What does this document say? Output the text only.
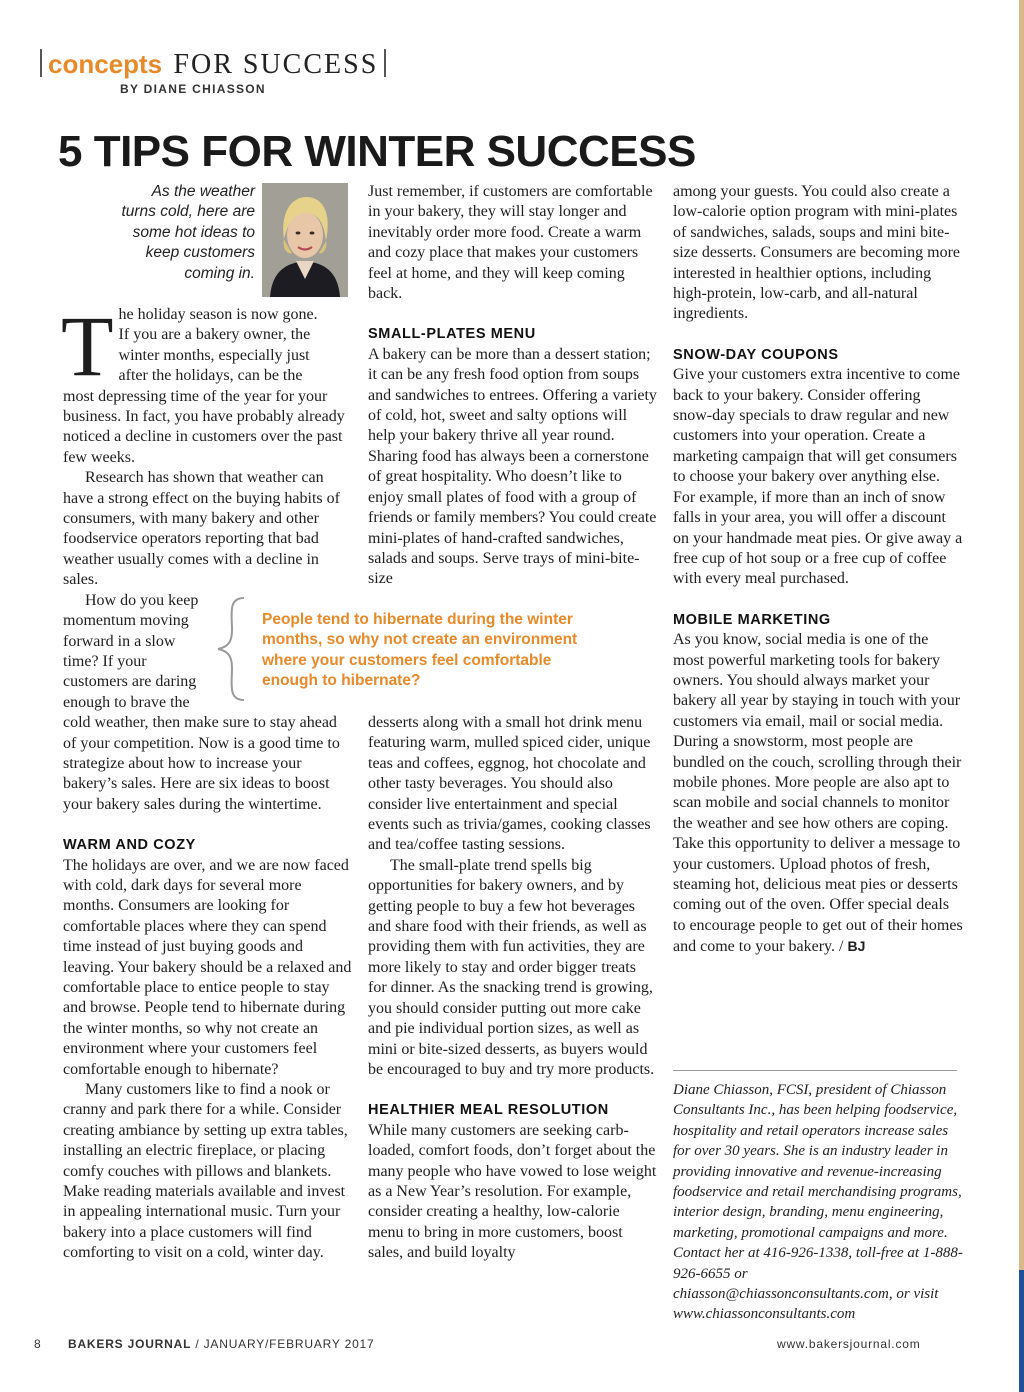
concepts FOR SUCCESS
BY DIANE CHIASSON
5 TIPS FOR WINTER SUCCESS
As the weather
turns cold, here are
some hot ideas to
keep customers
coming in.

T he holiday season is now gone.
If you are a bakery owner, the
winter months, especially just
after the holidays, can be the
most depressing time of the year for your business. In fact, you have probably already noticed a decline in customers over the past few weeks.

Research has shown that weather can have a strong effect on the buying habits of consumers, with many bakery and other foodservice operators reporting that bad weather usually comes with a decline in sales.

How do you keep
momentum moving
forward in a slow
time? If your
customers are daring
enough to brave the
cold weather, then make sure to stay ahead of your competition. Now is a good time to strategize about how to increase your bakery’s sales. Here are six ideas to boost your bakery sales during the wintertime.

WARM AND COZY

The holidays are over, and we are now faced with cold, dark days for several more months. Consumers are looking for comfortable places where they can spend time instead of just buying goods and leaving. Your bakery should be a relaxed and comfortable place to entice people to stay and browse. People tend to hibernate during the winter months, so why not create an environment where your customers feel comfortable enough to hibernate?

Many customers like to find a nook or cranny and park there for a while. Consider creating ambiance by setting up extra tables, installing an electric fireplace, or placing comfy couches with pillows and blankets. Make reading materials available and invest in appealing international music. Turn your bakery into a place customers will find comforting to visit on a cold, winter day.

Just remember, if customers are comfortable in your bakery, they will stay longer and inevitably order more food. Create a warm and cozy place that makes your customers feel at home, and they will keep coming back.

SMALL-PLATES MENU

A bakery can be more than a dessert station; it can be any fresh food option from soups and sandwiches to entrees. Offering a variety of cold, hot, sweet and salty options will help your bakery thrive all year round. Sharing food has always been a cornerstone of great hospitality. Who doesn’t like to enjoy small plates of food with a group of friends or family members? You could create mini-plates of hand-crafted sandwiches, salads and soups. Serve trays of mini-bite-size

desserts along with a small hot drink menu featuring warm, mulled spiced cider, unique teas and coffees, eggnog, hot chocolate and other tasty beverages. You should also consider live entertainment and special events such as trivia/games, cooking classes and tea/coffee tasting sessions.

The small-plate trend spells big opportunities for bakery owners, and by getting people to buy a few hot beverages and share food with their friends, as well as providing them with fun activities, they are more likely to stay and order bigger treats for dinner. As the snacking trend is growing, you should consider putting out more cake and pie individual portion sizes, as well as mini or bite-sized desserts, as buyers would be encouraged to buy and try more products.

HEALTHIER MEAL RESOLUTION

While many customers are seeking carb-loaded, comfort foods, don’t forget about the many people who have vowed to lose weight as a New Year’s resolution. For example, consider creating a healthy, low-calorie menu to bring in more customers, boost sales, and build loyalty

People tend to hibernate during the winter
months, so why not create an environment
where your customers feel comfortable
enough to hibernate?

among your guests. You could also create a low-calorie option program with mini-plates of sandwiches, salads, soups and mini bite-size desserts. Consumers are becoming more interested in healthier options, including high-protein, low-carb, and all-natural ingredients.

SNOW-DAY COUPONS

Give your customers extra incentive to come back to your bakery. Consider offering snow-day specials to draw regular and new customers into your operation. Create a marketing campaign that will get consumers to choose your bakery over anything else. For example, if more than an inch of snow falls in your area, you will offer a discount on your handmade meat pies. Or give away a free cup of hot soup or a free cup of coffee with every meal purchased.

MOBILE MARKETING

As you know, social media is one of the most powerful marketing tools for bakery owners. You should always market your bakery all year by staying in touch with your customers via email, mail or social media. During a snowstorm, most people are bundled on the couch, scrolling through their mobile phones. More people are also apt to scan mobile and social channels to monitor the weather and see how others are coping. Take this opportunity to deliver a message to your customers. Upload photos of fresh, steaming hot, delicious meat pies or desserts coming out of the oven. Offer special deals to encourage people to get out of their homes and come to your bakery. / BJ

Diane Chiasson, FCSI, president of Chiasson Consultants Inc., has been helping foodservice, hospitality and retail operators increase sales for over 30 years. She is an industry leader in providing innovative and revenue-increasing foodservice and retail merchandising programs, interior design, branding, menu engineering, marketing, promotional campaigns and more. Contact her at 416-926-1338, toll-free at 1-888-926-6655 or chiasson@chiassonconsultants.com, or visit www.chiassonconsultants.com
8 BAKERS JOURNAL / JANUARY/FEBRUARY 2017	www.bakersjournal.com
